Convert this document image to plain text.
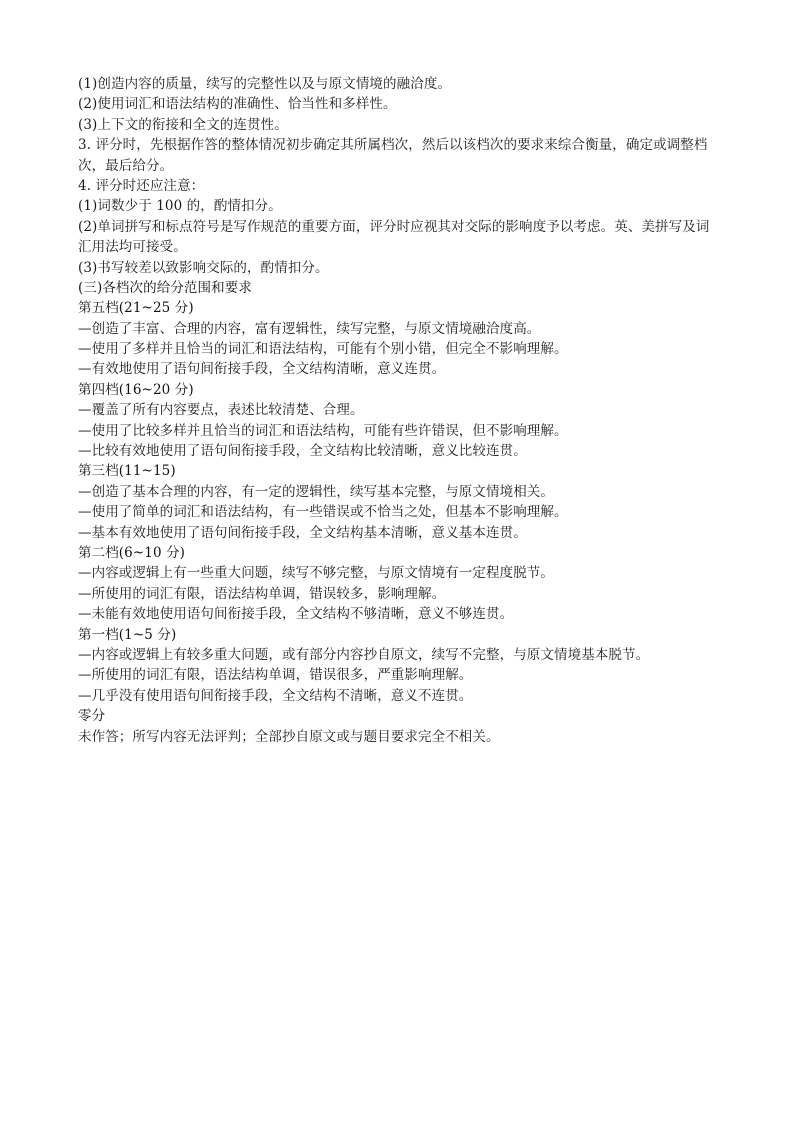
(1)创造内容的质量，续写的完整性以及与原文情境的融洽度。
(2)使用词汇和语法结构的准确性、恰当性和多样性。
(3)上下文的衔接和全文的连贯性。
3. 评分时，先根据作答的整体情况初步确定其所属档次，然后以该档次的要求来综合衡量，确定或调整档
次，最后给分。
4. 评分时还应注意：
(1)词数少于 100 的，酌情扣分。
(2)单词拼写和标点符号是写作规范的重要方面，评分时应视其对交际的影响度予以考虑。英、美拼写及词
汇用法均可接受。
(3)书写较差以致影响交际的，酌情扣分。
(三)各档次的给分范围和要求
第五档(21~25 分)
—创造了丰富、合理的内容，富有逻辑性，续写完整，与原文情境融洽度高。
—使用了多样并且恰当的词汇和语法结构，可能有个别小错，但完全不影响理解。
—有效地使用了语句间衔接手段，全文结构清晰，意义连贯。
第四档(16~20 分)
—覆盖了所有内容要点，表述比较清楚、合理。
—使用了比较多样并且恰当的词汇和语法结构，可能有些许错误，但不影响理解。
—比较有效地使用了语句间衔接手段，全文结构比较清晰，意义比较连贯。
第三档(11~15)
—创造了基本合理的内容，有一定的逻辑性，续写基本完整，与原文情境相关。
—使用了简单的词汇和语法结构，有一些错误或不恰当之处，但基本不影响理解。
—基本有效地使用了语句间衔接手段，全文结构基本清晰，意义基本连贯。
第二档(6~10 分)
—内容或逻辑上有一些重大问题，续写不够完整，与原文情境有一定程度脱节。
—所使用的词汇有限，语法结构单调，错误较多，影响理解。
—未能有效地使用语句间衔接手段，全文结构不够清晰，意义不够连贯。
第一档(1~5 分)
—内容或逻辑上有较多重大问题，或有部分内容抄自原文，续写不完整，与原文情境基本脱节。
—所使用的词汇有限，语法结构单调，错误很多，严重影响理解。
—几乎没有使用语句间衔接手段，全文结构不清晰，意义不连贯。
零分
未作答；所写内容无法评判；全部抄自原文或与题目要求完全不相关。
